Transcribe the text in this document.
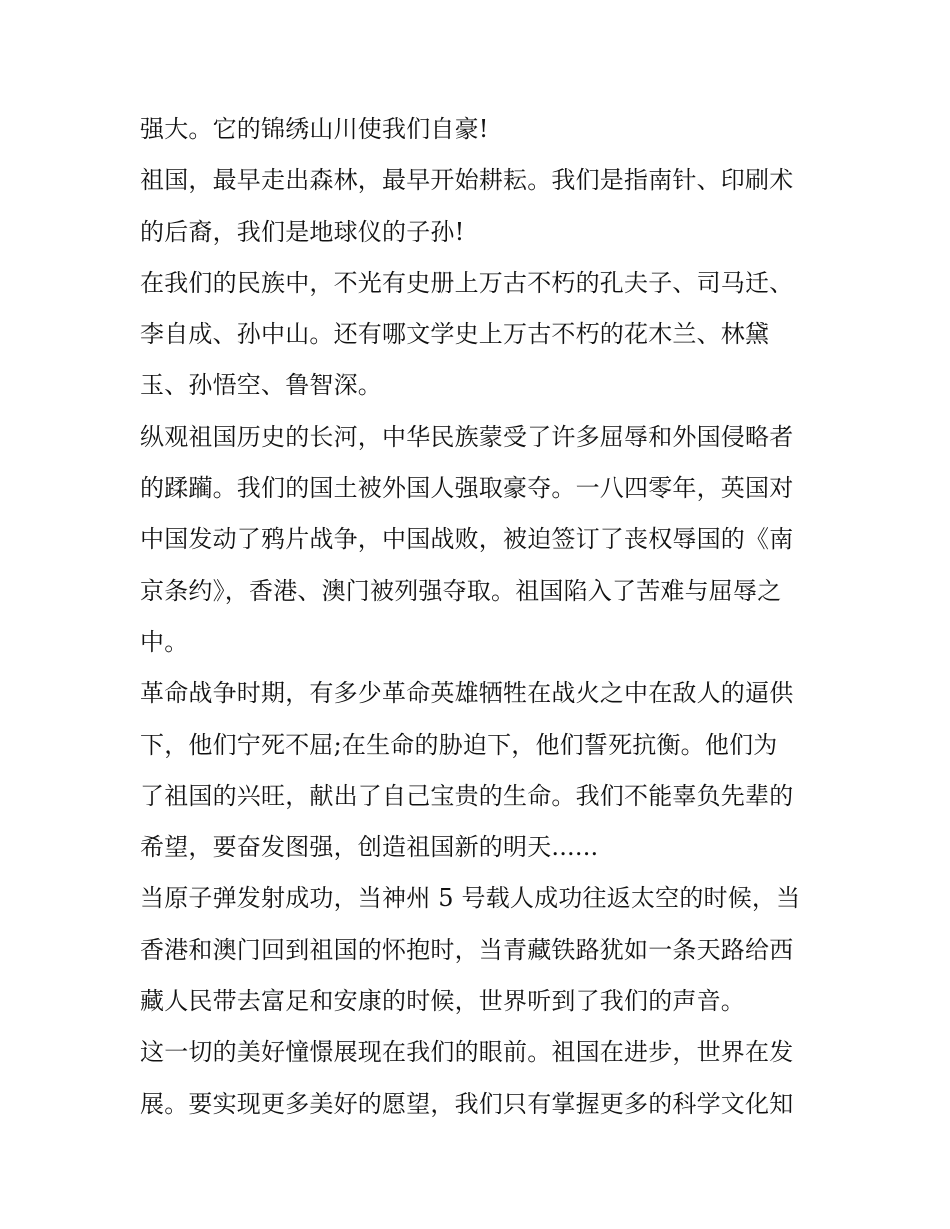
强大。它的锦绣山川使我们自豪!
祖国，最早走出森林，最早开始耕耘。我们是指南针、印刷术
的后裔，我们是地球仪的子孙!
在我们的民族中，不光有史册上万古不朽的孔夫子、司马迁、
李自成、孙中山。还有哪文学史上万古不朽的花木兰、林黛
玉、孙悟空、鲁智深。
纵观祖国历史的长河，中华民族蒙受了许多屈辱和外国侵略者
的蹂躏。我们的国土被外国人强取豪夺。一八四零年，英国对
中国发动了鸦片战争，中国战败，被迫签订了丧权辱国的《南
京条约》，香港、澳门被列强夺取。祖国陷入了苦难与屈辱之
中。
革命战争时期，有多少革命英雄牺牲在战火之中在敌人的逼供
下，他们宁死不屈;在生命的胁迫下，他们誓死抗衡。他们为
了祖国的兴旺，献出了自己宝贵的生命。我们不能辜负先辈的
希望，要奋发图强，创造祖国新的明天......
当原子弹发射成功，当神州 5 号载人成功往返太空的时候，当
香港和澳门回到祖国的怀抱时，当青藏铁路犹如一条天路给西
藏人民带去富足和安康的时候，世界听到了我们的声音。
这一切的美好憧憬展现在我们的眼前。祖国在进步，世界在发
展。要实现更多美好的愿望，我们只有掌握更多的科学文化知
